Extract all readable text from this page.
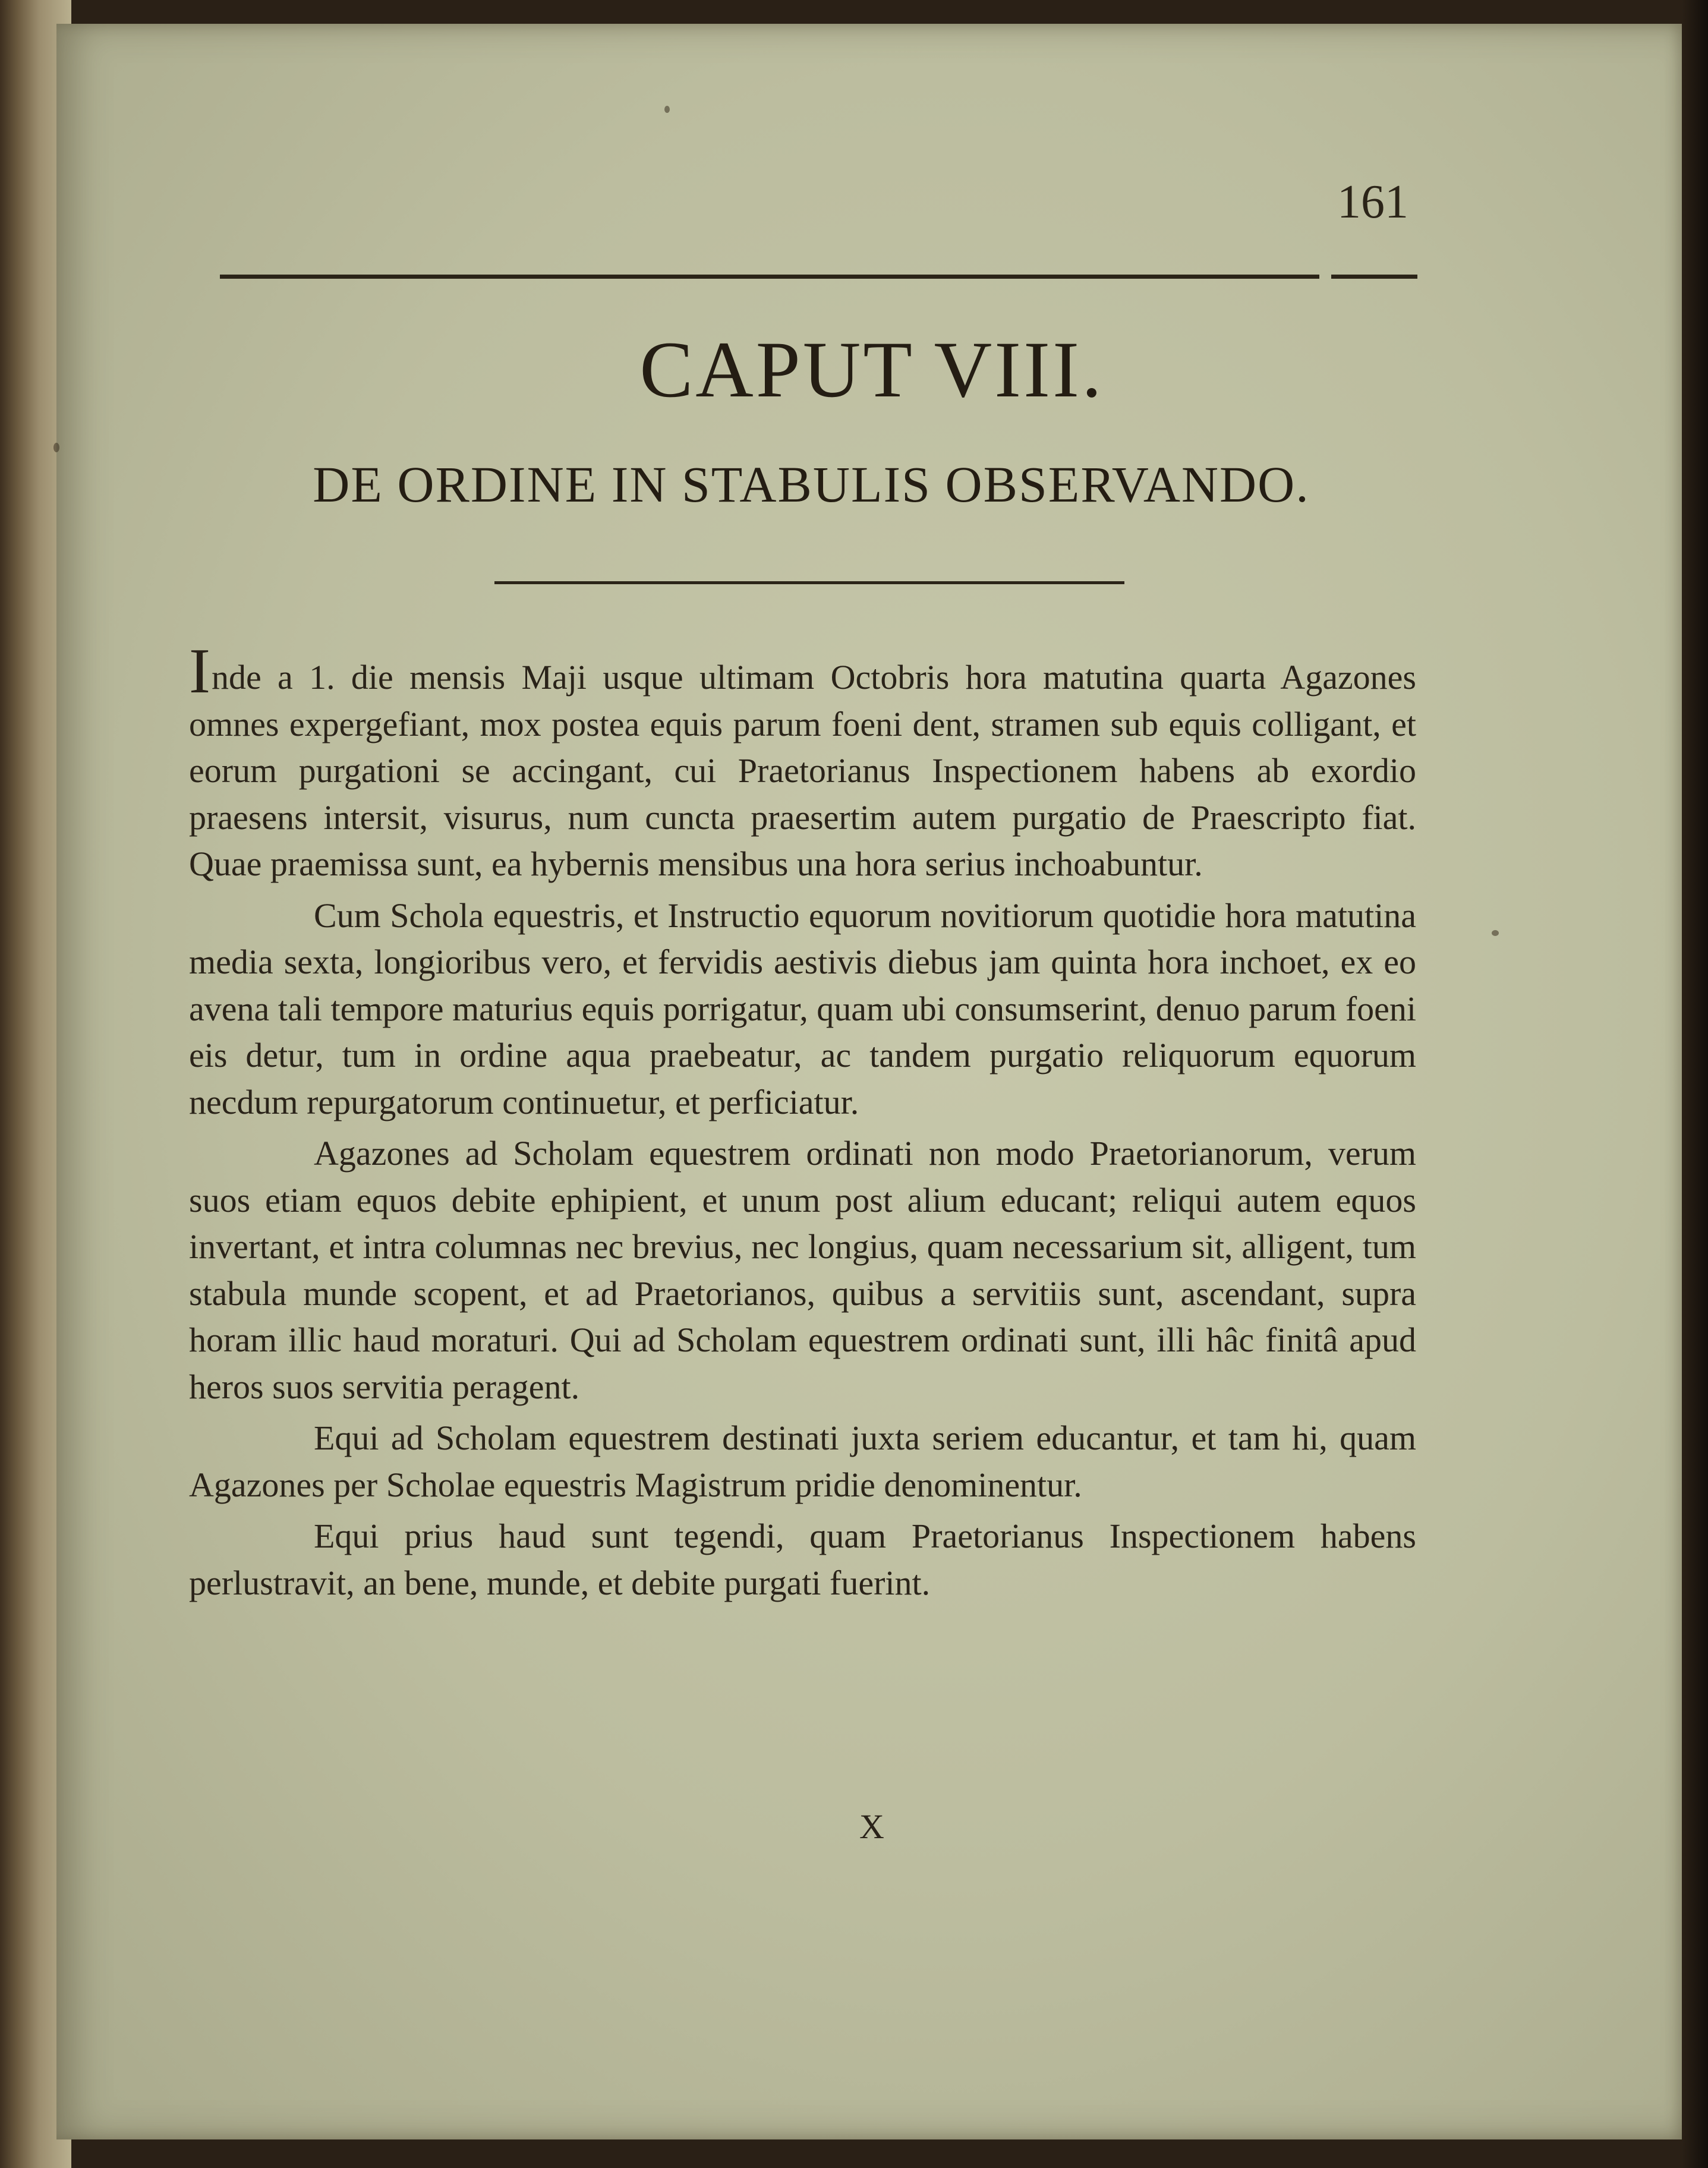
161
CAPUT VIII.
DE ORDINE IN STABULIS OBSERVANDO.

Inde a 1. die mensis Maji usque ultimam Octobris hora matutina quarta Agazones omnes expergefiant, mox postea equis parum foeni dent, stramen sub equis colligant, et eorum purgationi se accingant, cui Praetorianus Inspectionem habens ab exordio praesens intersit, visurus, num cuncta praesertim autem purgatio de Praescripto fiat. Quae praemissa sunt, ea hybernis mensibus una hora serius inchoabuntur.

Cum Schola equestris, et Instructio equorum novitiorum quotidie hora matutina media sexta, longioribus vero, et fervidis aestivis diebus jam quinta hora inchoet, ex eo avena tali tempore maturius equis porrigatur, quam ubi consumserint, denuo parum foeni eis detur, tum in ordine aqua praebeatur, ac tandem purgatio reliquorum equorum necdum repurgatorum continuetur, et perficiatur.

Agazones ad Scholam equestrem ordinati non modo Praetorianorum, verum suos etiam equos debite ephipient, et unum post alium educant; reliqui autem equos invertant, et intra columnas nec brevius, nec longius, quam necessarium sit, alligent, tum stabula munde scopent, et ad Praetorianos, quibus a servitiis sunt, ascendant, supra horam illic haud moraturi. Qui ad Scholam equestrem ordinati sunt, illi hâc finitâ apud heros suos servitia peragent.

Equi ad Scholam equestrem destinati juxta seriem educantur, et tam hi, quam Agazones per Scholae equestris Magistrum pridie denominentur.

Equi prius haud sunt tegendi, quam Praetorianus Inspectionem habens perlustravit, an bene, munde, et debite purgati fuerint.

X
